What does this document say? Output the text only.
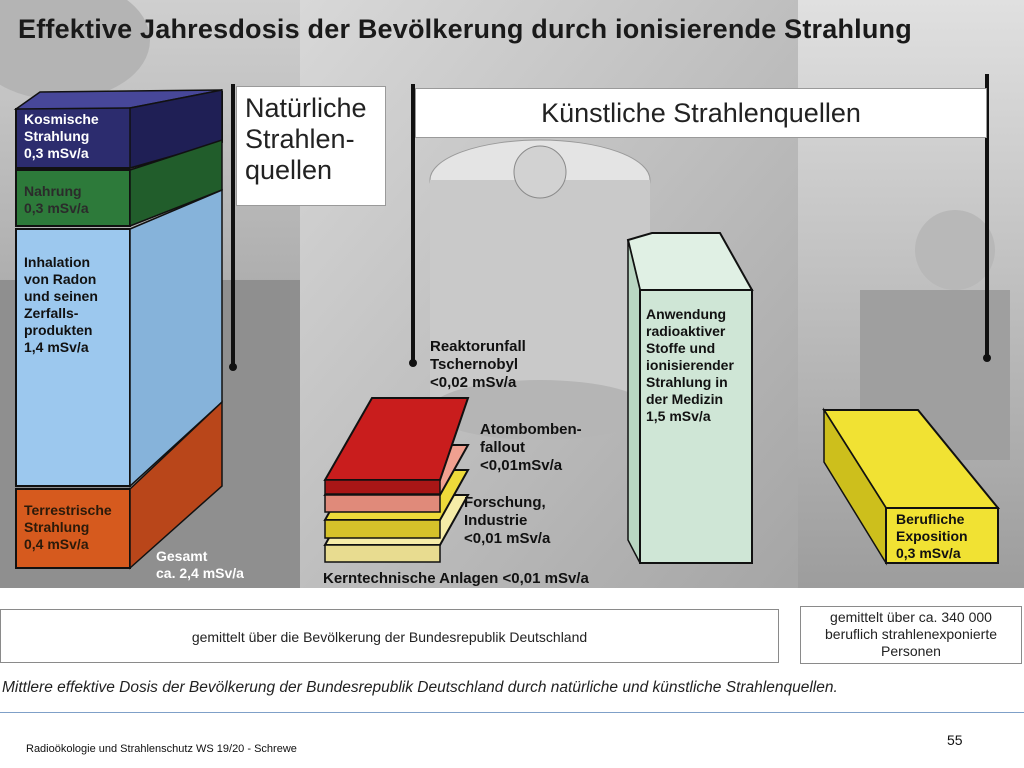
Effektive Jahresdosis der Bevölkerung durch ionisierende Strahlung
Natürliche
Strahlen-
quellen
Künstliche Strahlenquellen
Kosmische
Strahlung
0,3 mSv/a
Nahrung
0,3 mSv/a
Inhalation
von Radon
und seinen
Zerfalls-
produkten
1,4 mSv/a
Terrestrische
Strahlung
0,4 mSv/a
Gesamt
ca. 2,4 mSv/a
Reaktorunfall
Tschernobyl
<0,02 mSv/a
Atombomben-
fallout
<0,01mSv/a
Forschung,
Industrie
<0,01 mSv/a
Kerntechnische Anlagen <0,01 mSv/a
Anwendung
radioaktiver
Stoffe und
ionisierender
Strahlung in
der Medizin
1,5 mSv/a
Berufliche
Exposition
0,3 mSv/a
gemittelt über die Bevölkerung der Bundesrepublik Deutschland
gemittelt über ca. 340 000
beruflich strahlenexponierte
Personen
Mittlere effektive Dosis der Bevölkerung der Bundesrepublik Deutschland durch natürliche und künstliche Strahlenquellen.
Radioökologie und Strahlenschutz WS 19/20 - Schrewe
55
